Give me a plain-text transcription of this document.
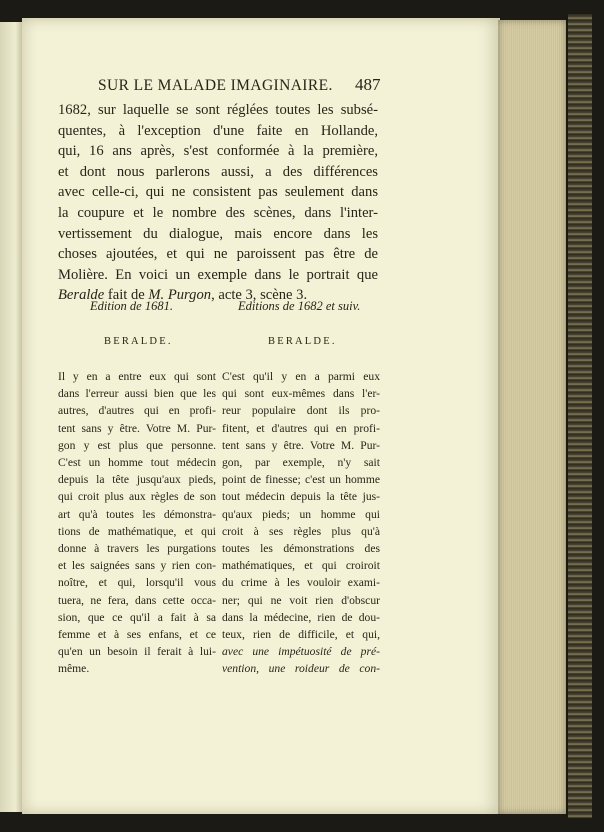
SUR LE MALADE IMAGINAIRE.	487
1682, sur laquelle se sont réglées toutes les subsé-
quentes, à l'exception d'une faite en Hollande,
qui, 16 ans après, s'est conformée à la première,
et dont nous parlerons aussi, a des différences
avec celle-ci, qui ne consistent pas seulement dans
la coupure et le nombre des scènes, dans l'inter-
vertissement du dialogue, mais encore dans les
choses ajoutées, et qui ne paroissent pas être de
Molière. En voici un exemple dans le portrait que
Beralde fait de M. Purgon, acte 3, scène 3.
Edition de 1681.	Editions de 1682 et suiv.
BERALDE.	BERALDE.
Il y en a entre eux qui sont
dans l'erreur aussi bien que les
autres, d'autres qui en profi-
tent sans y être. Votre M. Pur-
gon y est plus que personne.
C'est un homme tout médecin
depuis la tête jusqu'aux pieds,
qui croit plus aux règles de son
art qu'à toutes les démonstra-
tions de mathématique, et qui
donne à travers les purgations
et les saignées sans y rien con-
noître, et qui, lorsqu'il vous
tuera, ne fera, dans cette occa-
sion, que ce qu'il a fait à sa
femme et à ses enfans, et ce
qu'en un besoin il ferait à lui-
même.
C'est qu'il y en a parmi eux
qui sont eux-mêmes dans l'er-
reur populaire dont ils pro-
fitent, et d'autres qui en profi-
tent sans y être. Votre M. Pur-
gon, par exemple, n'y sait
point de finesse; c'est un homme
tout médecin depuis la tête jus-
qu'aux pieds; un homme qui
croit à ses règles plus qu'à
toutes les démonstrations des
mathématiques, et qui croiroit
du crime à les vouloir exami-
ner; qui ne voit rien d'obscur
dans la médecine, rien de dou-
teux, rien de difficile, et qui,
avec une impétuosité de pré-
vention, une roideur de con-
